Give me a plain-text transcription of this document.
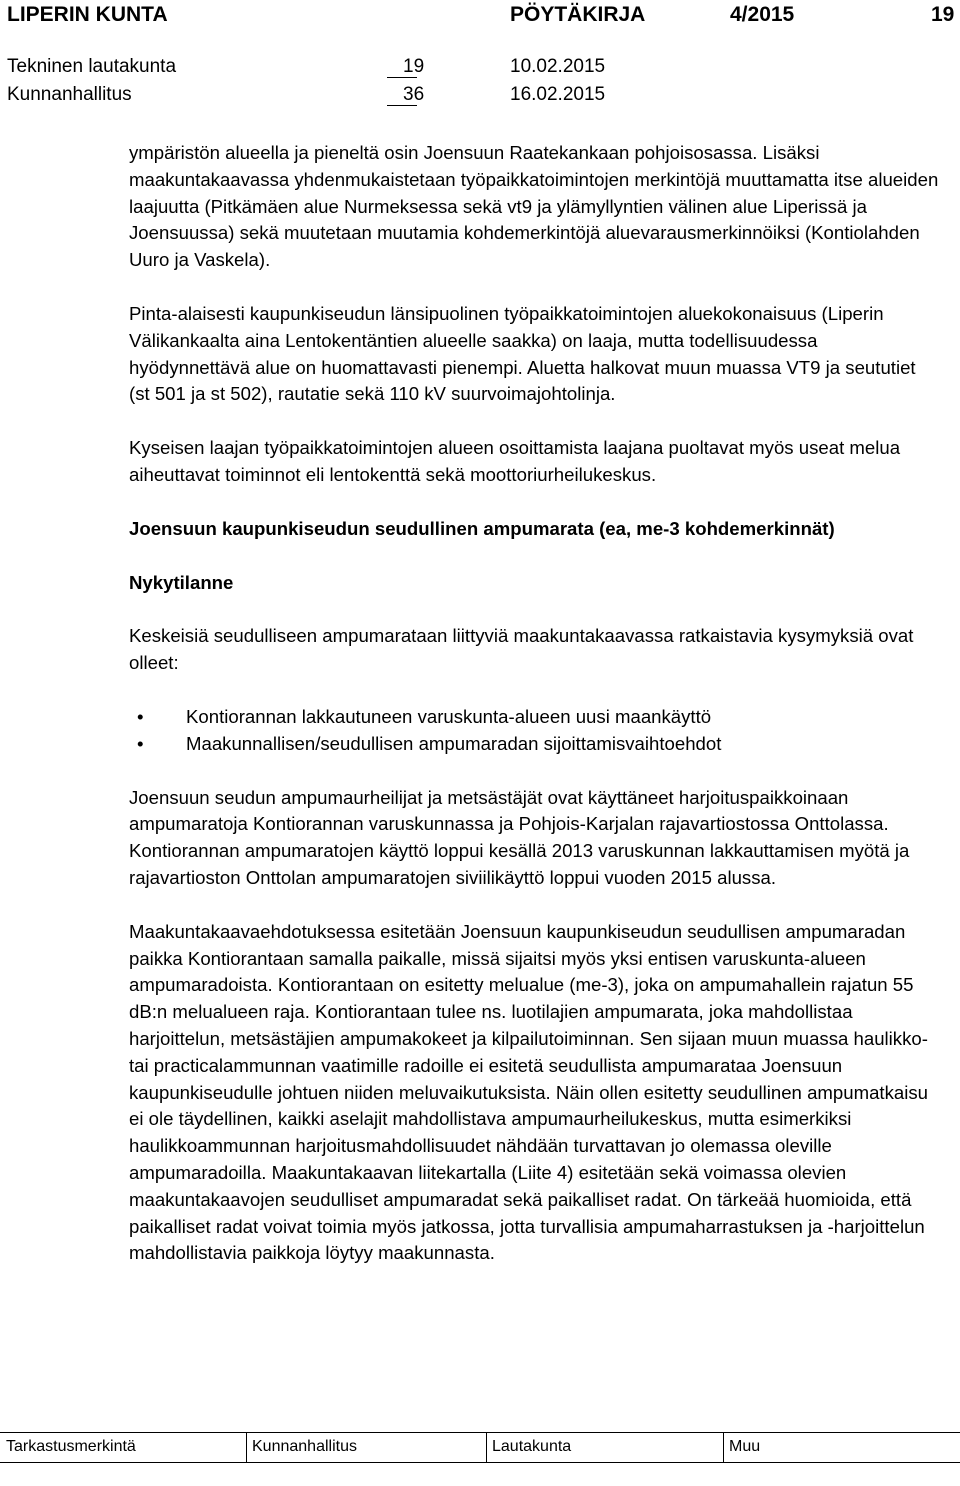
LIPERIN KUNTA	PÖYTÄKIRJA	4/2015	19
Tekninen lautakunta	19	10.02.2015
Kunnanhallitus	36	16.02.2015

ympäristön alueella ja pieneltä osin Joensuun Raatekankaan pohjoisosassa. Lisäksi maakuntakaavassa yhdenmukaistetaan työpaikkatoimintojen merkintöjä muuttamatta itse alueiden laajuutta (Pitkämäen alue Nurmeksessa sekä vt9 ja ylämyllyntien välinen alue Liperissä ja Joensuussa) sekä muutetaan muutamia kohdemerkintöjä aluevarausmerkinnöiksi (Kontiolahden Uuro ja Vaskela).

Pinta-alaisesti kaupunkiseudun länsipuolinen työpaikkatoimintojen aluekokonaisuus (Liperin Välikankaalta aina Lentokentäntien alueelle saakka) on laaja, mutta todellisuudessa hyödynnettävä alue on huomattavasti pienempi. Aluetta halkovat muun muassa VT9 ja seututiet (st 501 ja st 502), rautatie sekä 110 kV suurvoimajohtolinja.

Kyseisen laajan työpaikkatoimintojen alueen osoittamista laajana puoltavat myös useat melua aiheuttavat toiminnot eli lentokenttä sekä moottoriurheilukeskus.

Joensuun kaupunkiseudun seudullinen ampumarata (ea, me-3 kohdemerkinnät)
Nykytilanne

Keskeisiä seudulliseen ampumarataan liittyviä maakuntakaavassa ratkaistavia kysymyksiä ovat olleet:

• Kontiorannan lakkautuneen varuskunta-alueen uusi maankäyttö
• Maakunnallisen/seudullisen ampumaradan sijoittamisvaihtoehdot

Joensuun seudun ampumaurheilijat ja metsästäjät ovat käyttäneet harjoituspaikkoinaan ampumaratoja Kontiorannan varuskunnassa ja Pohjois-Karjalan rajavartiostossa Onttolassa. Kontiorannan ampumaratojen käyttö loppui kesällä 2013 varuskunnan lakkauttamisen myötä ja rajavartioston Onttolan ampumaratojen siviilikäyttö loppui vuoden 2015 alussa.

Maakuntakaavaehdotuksessa esitetään Joensuun kaupunkiseudun seudullisen ampumaradan paikka Kontiorantaan samalla paikalle, missä sijaitsi myös yksi entisen varuskunta-alueen ampumaradoista. Kontiorantaan on esitetty melualue (me-3), joka on ampumahallein rajatun 55 dB:n melualueen raja. Kontiorantaan tulee ns. luotilajien ampumarata, joka mahdollistaa harjoittelun, metsästäjien ampumakokeet ja kilpailutoiminnan. Sen sijaan muun muassa haulikko- tai practicalammunnan vaatimille radoille ei esitetä seudullista ampumarataa Joensuun kaupunkiseudulle johtuen niiden meluvaikutuksista. Näin ollen esitetty seudullinen ampumatkaisu ei ole täydellinen, kaikki aselajit mahdollistava ampumaurheilukeskus, mutta esimerkiksi haulikkoammunnan harjoitusmahdollisuudet nähdään turvattavan jo olemassa oleville ampumaradoilla. Maakuntakaavan liitekartalla (Liite 4) esitetään sekä voimassa olevien maakuntakaavojen seudulliset ampumaradat sekä paikalliset radat. On tärkeää huomioida, että paikalliset radat voivat toimia myös jatkossa, jotta turvallisia ampumaharrastuksen ja -harjoittelun mahdollistavia paikkoja löytyy maakunnasta.

Tarkastusmerkintä	Kunnanhallitus	Lautakunta	Muu
